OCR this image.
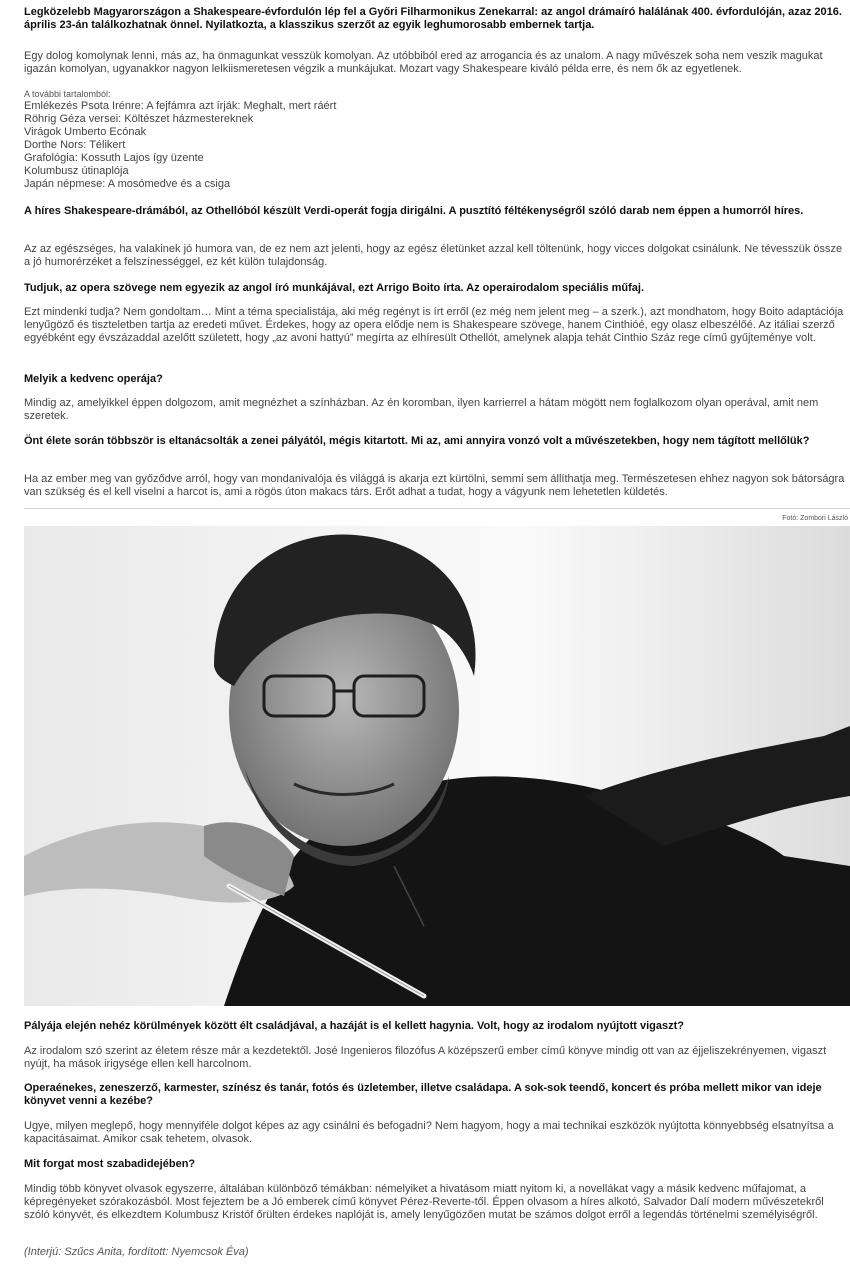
Legközelebb Magyarországon a Shakespeare-évfordulón lép fel a Győri Filharmonikus Zenekarral: az angol drámaíró halálának 400. évfordulóján, azaz 2016. április 23-án találkozhatnak önnel. Nyilatkozta, a klasszikus szerzőt az egyik leghumorosabb embernek tartja.

Egy dolog komolynak lenni, más az, ha önmagunkat vesszük komolyan. Az utóbbiból ered az arrogancia és az unalom. A nagy művészek soha nem veszik magukat igazán komolyan, ugyanakkor nagyon lelkiismeretesen végzik a munkájukat. Mozart vagy Shakespeare kiváló példa erre, és nem ők az egyetlenek.

A további tartalomból:

Emlékezés Psota Irénre: A fejfámra azt írják: Meghalt, mert ráért
Röhrig Géza versei: Költészet házmestereknek
Virágok Umberto Ecónak
Dorthe Nors: Télikert
Grafológia: Kossuth Lajos így üzente
Kolumbusz útinaplója
Japán népmese: A mosómedve és a csiga

A híres Shakespeare-drámából, az Othellóból készült Verdi-operát fogja dirigálni. A pusztító féltékenységről szóló darab nem éppen a humorról híres.

Az az egészséges, ha valakinek jó humora van, de ez nem azt jelenti, hogy az egész életünket azzal kell töltenünk, hogy vicces dolgokat csinálunk. Ne tévesszük össze a jó humorérzéket a felszínességgel, ez két külön tulajdonság.

Tudjuk, az opera szövege nem egyezik az angol író munkájával, ezt Arrigo Boito írta. Az operairodalom speciális műfaj.

Ezt mindenki tudja? Nem gondoltam… Mint a téma specialistája, aki még regényt is írt erről (ez még nem jelent meg – a szerk.), azt mondhatom, hogy Boito adaptációja lenyűgöző és tiszteletben tartja az eredeti művet. Érdekes, hogy az opera elődje nem is Shakespeare szövege, hanem Cinthióé, egy olasz elbeszélőé. Az itáliai szerző egyébként egy évszázaddal azelőtt született, hogy „az avoni hattyú” megírta az elhíresült Othellót, amelynek alapja tehát Cinthio Száz rege című gyűjteménye volt.

Melyik a kedvenc operája?

Mindig az, amelyikkel éppen dolgozom, amit megnézhet a színházban. Az én koromban, ilyen karrierrel a hátam mögött nem foglalkozom olyan operával, amit nem szeretek.

Önt élete során többször is eltanácsolták a zenei pályától, mégis kitartott. Mi az, ami annyira vonzó volt a művészetekben, hogy nem tágított mellőlük?

Ha az ember meg van győződve arról, hogy van mondanivalója és világgá is akarja ezt kürtölni, semmi sem állíthatja meg. Természetesen ehhez nagyon sok bátorságra van szükség és el kell viselni a harcot is, ami a rögös úton makacs társ. Erőt adhat a tudat, hogy a vágyunk nem lehetetlen küldetés.

Fotó: Zombori László

Pályája elején nehéz körülmények között élt családjával, a hazáját is el kellett hagynia. Volt, hogy az irodalom nyújtott vigaszt?

Az irodalom szó szerint az életem része már a kezdetektől. José Ingenieros filozófus A középszerű ember című könyve mindig ott van az éjjeliszekrényemen, vigaszt nyújt, ha mások irigysége ellen kell harcolnom.

Operaénekes, zeneszerző, karmester, színész és tanár, fotós és üzletember, illetve családapa. A sok-sok teendő, koncert és próba mellett mikor van ideje könyvet venni a kezébe?

Ugye, milyen meglepő, hogy mennyiféle dolgot képes az agy csinálni és befogadni? Nem hagyom, hogy a mai technikai eszközök nyújtotta könnyebbség elsatnyítsa a kapacitásaimat. Amikor csak tehetem, olvasok.

Mit forgat most szabadidejében?

Mindig több könyvet olvasok egyszerre, általában különböző témákban: némelyiket a hivatásom miatt nyitom ki, a novellákat vagy a másik kedvenc műfajomat, a képregényeket szórakozásból. Most fejeztem be a Jó emberek című könyvet Pérez-Reverte-től. Éppen olvasom a híres alkotó, Salvador Dalí modern művészetekről szóló könyvét, és elkezdtem Kolumbusz Kristóf őrülten érdekes naplóját is, amely lenyűgözően mutat be számos dolgot erről a legendás történelmi személyiségről.

(Interjú: Szűcs Anita, fordított: Nyemcsok Éva)
